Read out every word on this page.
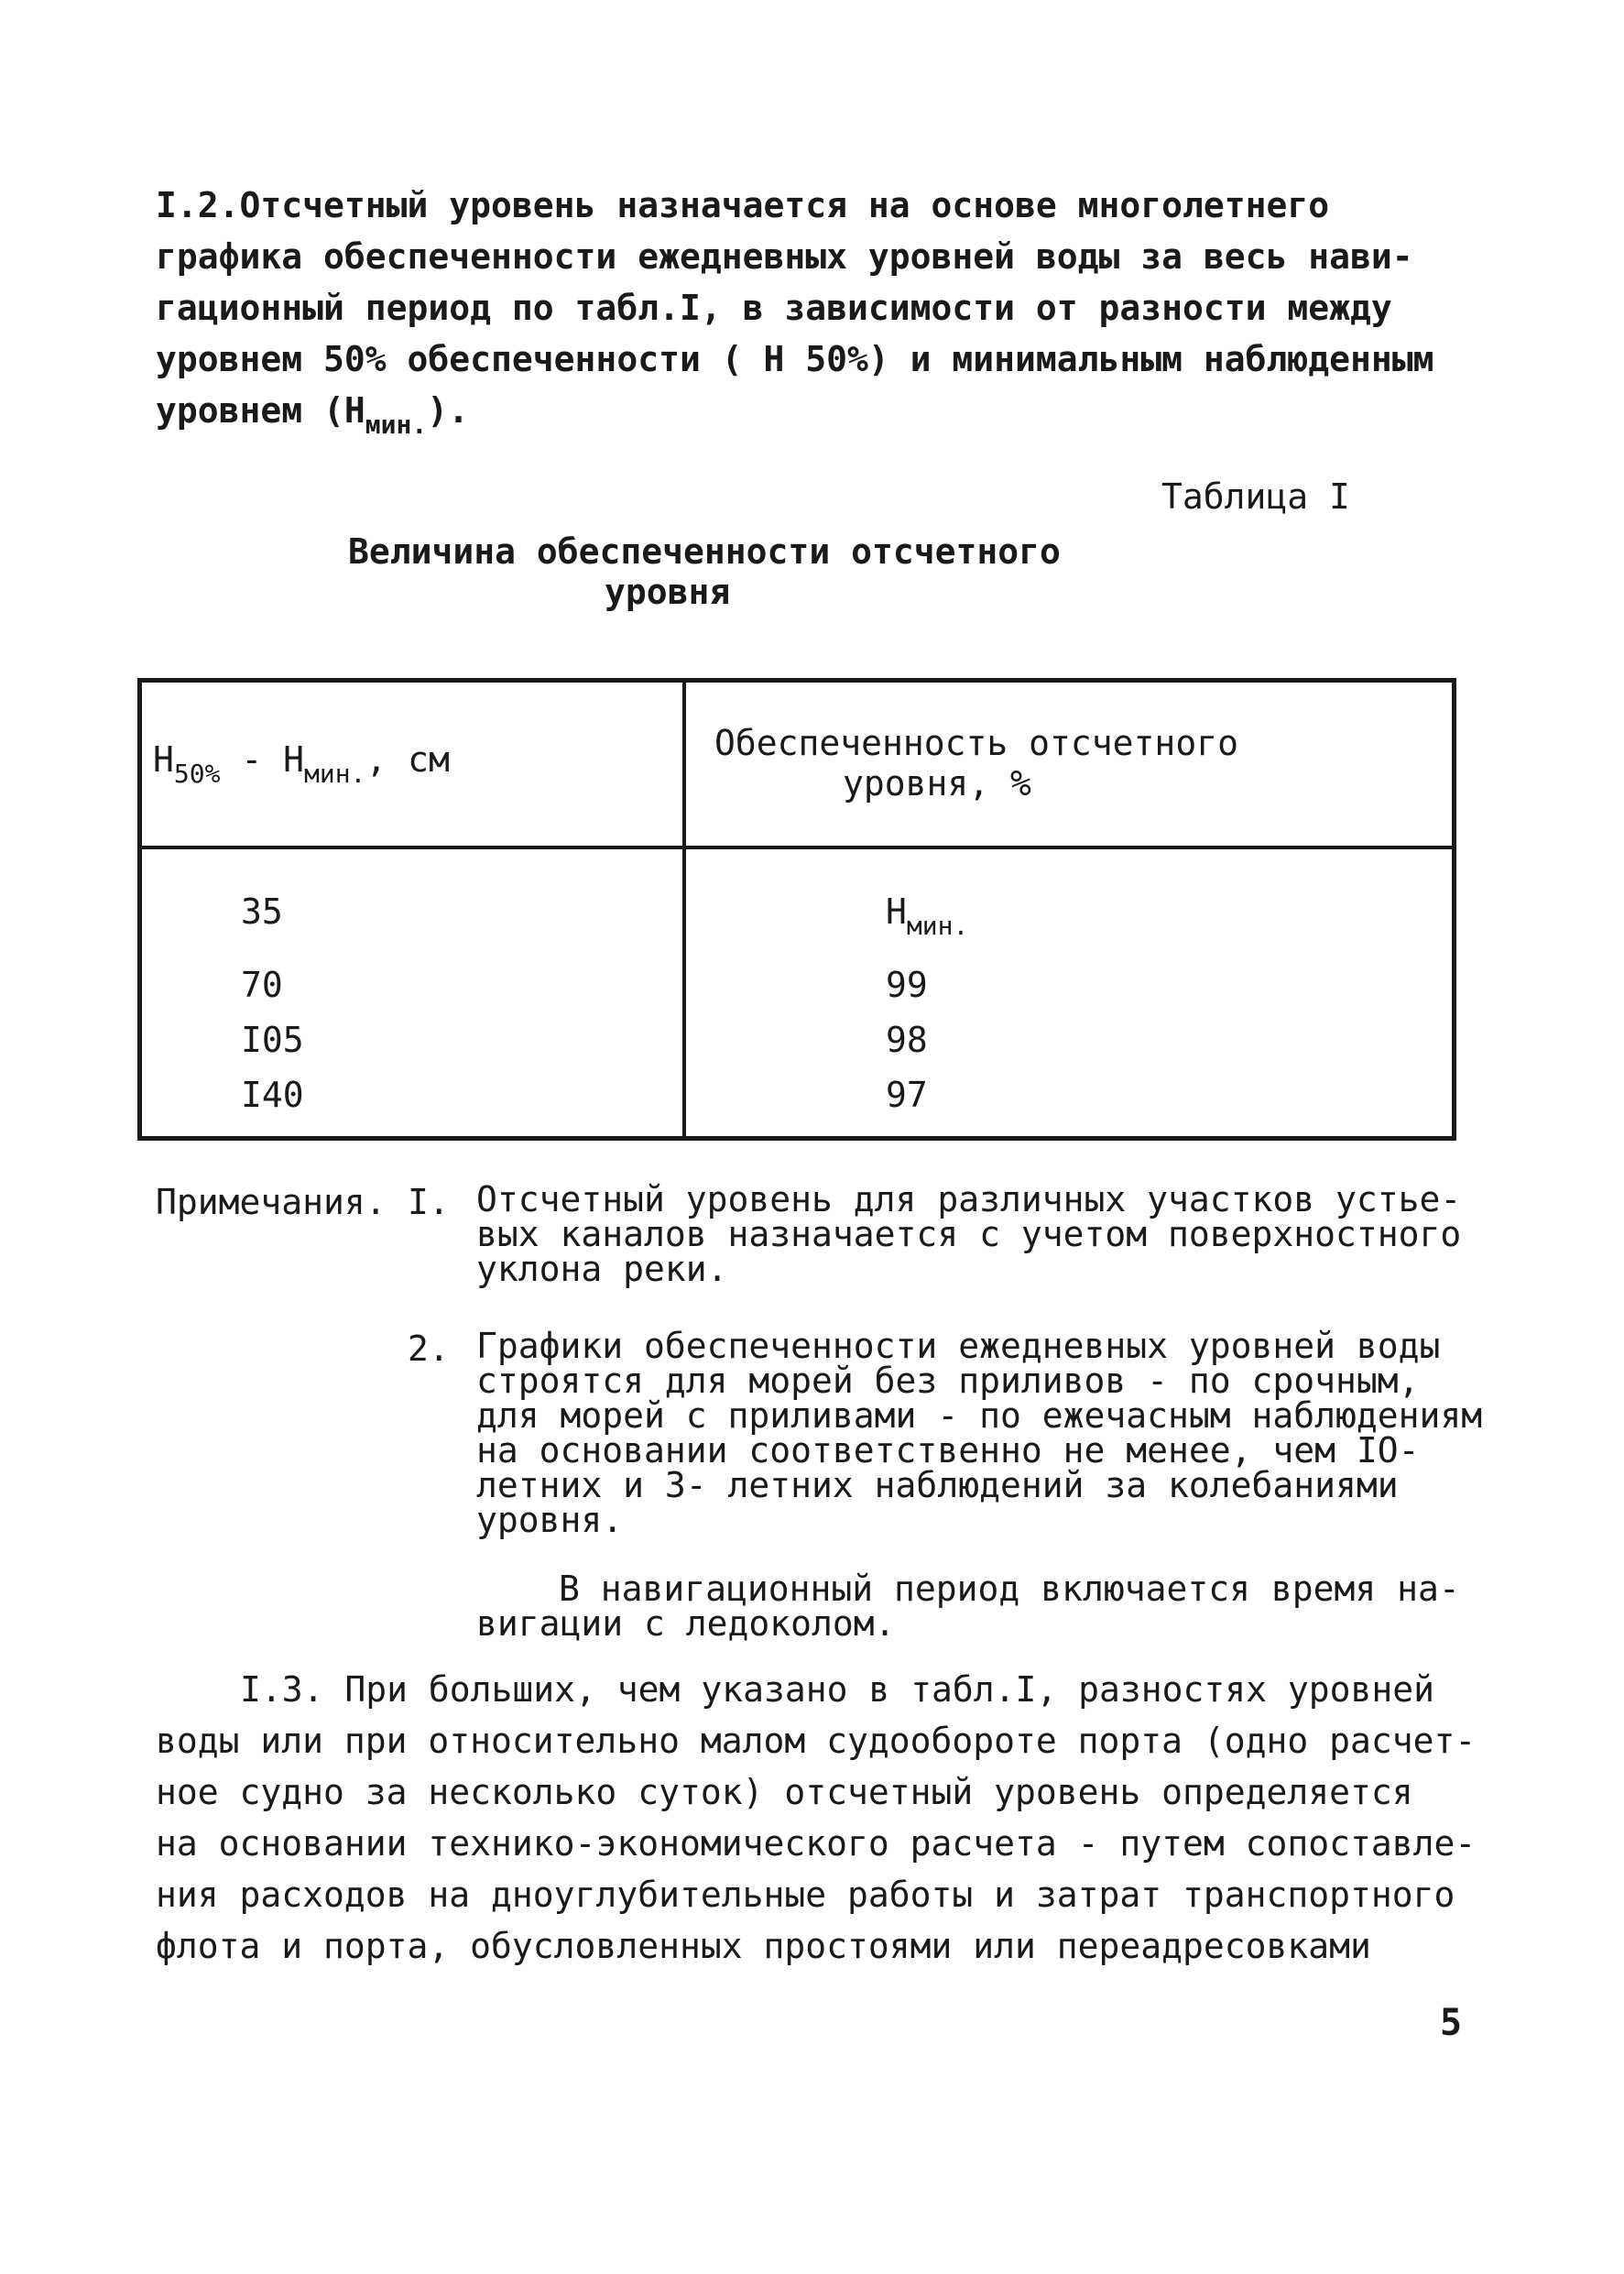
I.2.Отсчетный уровень назначается на основе многолетнего
графика обеспеченности ежедневных уровней воды за весь нави-
гационный период по табл.I, в зависимости от разности между
уровнем 50% обеспеченности ( Н 50%) и минимальным наблюденным
уровнем $(Н_{мин.})$.
Таблица I
Величина обеспеченности отсчетного
уровня
$Н_{50\%} - Н_{мин.}$, см	Обеспеченность отсчетного
уровня, %
35
70
I05
I40
$Н_{мин.}$
99
98
97
Примечания. I. Отсчетный уровень для различных участков устье-
вых каналов назначается с учетом поверхностного
уклона реки.
2. Графики обеспеченности ежедневных уровней воды
строятся для морей без приливов - по срочным,
для морей с приливами - по ежечасным наблюдениям
на основании соответственно не менее, чем IO-
летних и 3- летних наблюдений за колебаниями
уровня.
В навигационный период включается время на-
вигации с ледоколом.
I.3. При больших, чем указано в табл.I, разностях уровней
воды или при относительно малом судообороте порта (одно расчет-
ное судно за несколько суток) отсчетный уровень определяется
на основании технико-экономического расчета - путем сопоставле-
ния расходов на дноуглубительные работы и затрат транспортного
флота и порта, обусловленных простоями или переадресовками
5
